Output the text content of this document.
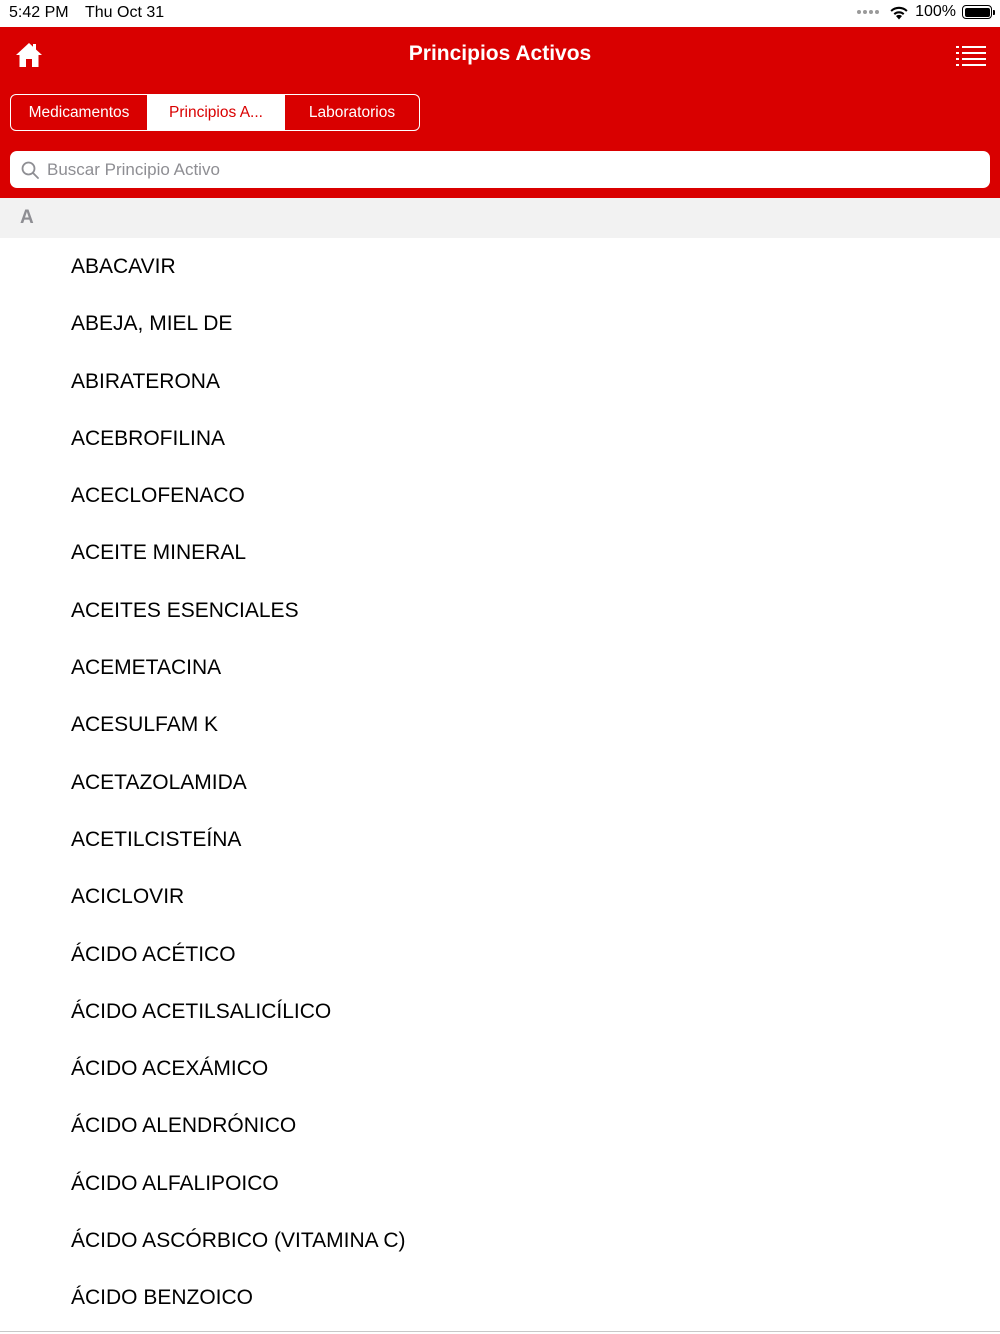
5:42 PM Thu Oct 31	100%
Principios Activos
Medicamentos	Principios A...	Laboratorios
Buscar Principio Activo
A
ABACAVIR
ABEJA, MIEL DE
ABIRATERONA
ACEBROFILINA
ACECLOFENACO
ACEITE MINERAL
ACEITES ESENCIALES
ACEMETACINA
ACESULFAM K
ACETAZOLAMIDA
ACETILCISTEÍNA
ACICLOVIR
ÁCIDO ACÉTICO
ÁCIDO ACETILSALICÍLICO
ÁCIDO ACEXÁMICO
ÁCIDO ALENDRÓNICO
ÁCIDO ALFALIPOICO
ÁCIDO ASCÓRBICO (VITAMINA C)
ÁCIDO BENZOICO
